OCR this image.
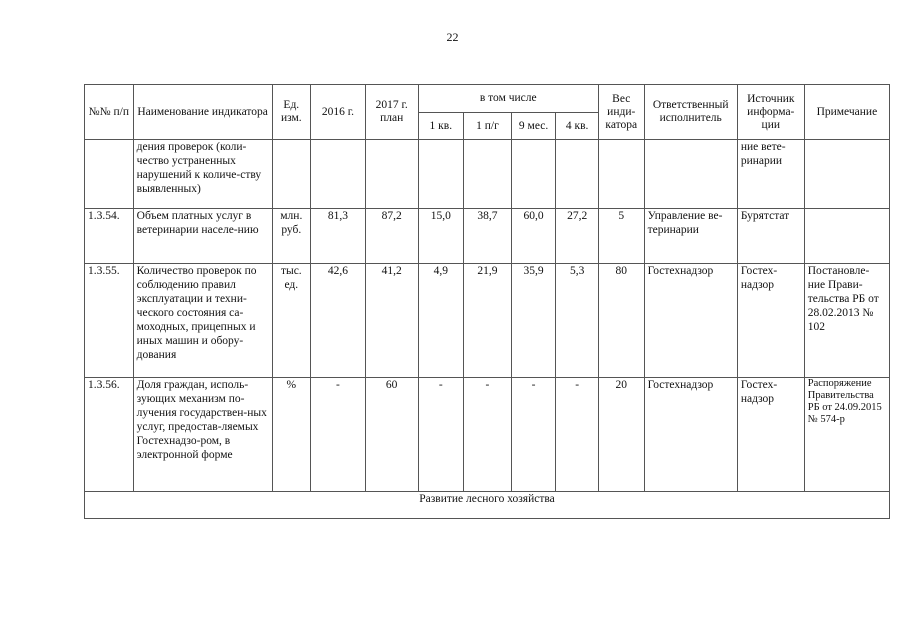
22
№№ п/п	Наименование индикатора	Ед. изм.	2016 г.	2017 г. план	в том числе				Вес инди-катора	Ответственный исполнитель	Источник информа-ции	Примечание
					1 кв.	1 п/г	9 мес.	4 кв.				
	дения проверок (коли-чество устраненных нарушений к количе-ству выявленных)										ние вете-ринарии	
1.3.54.	Объем платных услуг в ветеринарии населе-нию	млн. руб.	81,3	87,2	15,0	38,7	60,0	27,2	5	Управление ве-теринарии	Бурятстат	
1.3.55.	Количество проверок по соблюдению правил эксплуатации и техни-ческого состояния са-моходных, прицепных и иных машин и обору-дования	тыс. ед.	42,6	41,2	4,9	21,9	35,9	5,3	80	Гостехнадзор	Гостех-надзор	Постановле-ние Прави-тельства РБ от 28.02.2013 № 102
1.3.56.	Доля граждан, исполь-зующих механизм по-лучения государствен-ных услуг, предостав-ляемых Гостехнадзо-ром, в электронной форме	%	-	60	-	-	-	-	20	Гостехнадзор	Гостех-надзор	Распоряжение Правительства РБ от 24.09.2015 № 574-р
Развитие лесного хозяйства												
